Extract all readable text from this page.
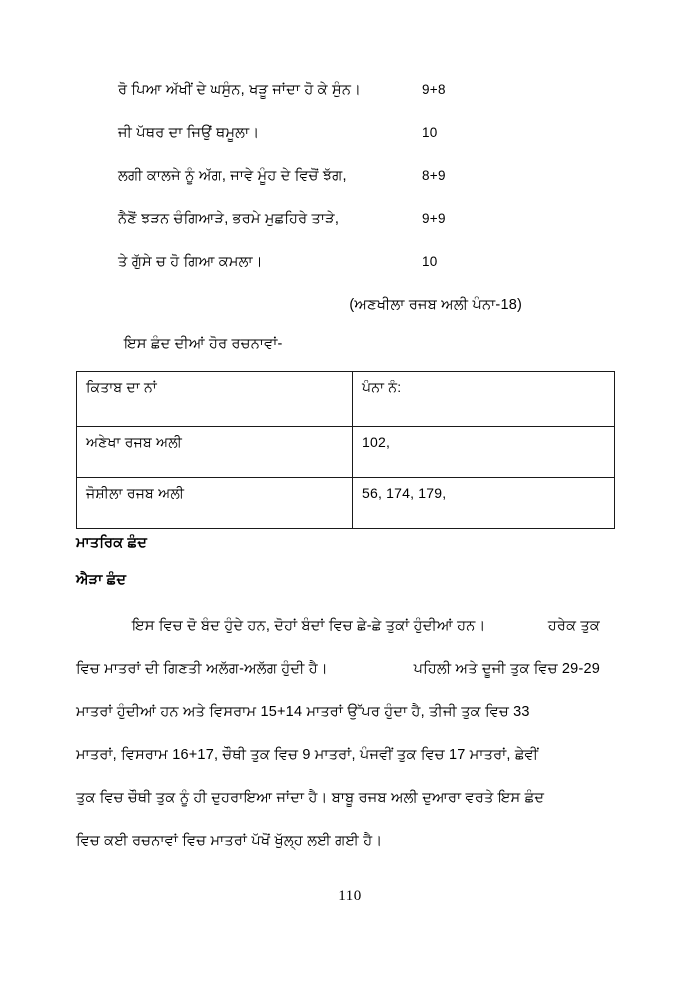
ਰੋ ਪਿਆ ਅੱਖੀਂ ਦੇ ਘਸੁੰਨ, ਖੜੂ ਜਾਂਦਾ ਹੋ ਕੇ ਸੁੰਨ।	9+8
ਜੀ ਪੱਥਰ ਦਾ ਜਿਉਂ ਥਮੂਲਾ।	10
ਲਗੀ ਕਾਲਜੇ ਨੂੰ ਅੱਗ, ਜਾਵੇ ਮੂੰਹ ਦੇ ਵਿਚੋਂ ਝੱਗ,	8+9
ਨੈਣੋਂ ਝੜਨ ਚੰਗਿਆੜੇ, ਭਰਮੇ ਮੁਛਹਿਰੇ ਤਾੜੇ,	9+9
ਤੇ ਗੁੱਸੇ ਚ ਹੋ ਗਿਆ ਕਮਲਾ।	10
(ਅਣਖੀਲਾ ਰਜਬ ਅਲੀ ਪੰਨਾ-18)
ਇਸ ਛੰਦ ਦੀਆਂ ਹੋਰ ਰਚਨਾਵਾਂ-
ਕਿਤਾਬ ਦਾ ਨਾਂ	ਪੰਨਾ ਨੰ:
ਅਣੇਖਾ ਰਜਬ ਅਲੀ	102,
ਜੋਸ਼ੀਲਾ ਰਜਬ ਅਲੀ	56, 174, 179,
ਮਾਤਰਿਕ ਛੰਦ
ਐੜਾ ਛੰਦ
ਇਸ ਵਿਚ ਦੋ ਬੰਦ ਹੁੰਦੇ ਹਨ, ਦੋਹਾਂ ਬੰਦਾਂ ਵਿਚ ਛੇ-ਛੇ ਤੁਕਾਂ ਹੁੰਦੀਆਂ ਹਨ।	ਹਰੇਕ ਤੁਕ
ਵਿਚ ਮਾਤਰਾਂ ਦੀ ਗਿਣਤੀ ਅਲੱਗ-ਅਲੱਗ ਹੁੰਦੀ ਹੈ।	ਪਹਿਲੀ ਅਤੇ ਦੂਜੀ ਤੁਕ ਵਿਚ 29-29
ਮਾਤਰਾਂ ਹੁੰਦੀਆਂ ਹਨ ਅਤੇ ਵਿਸਰਾਮ 15+14 ਮਾਤਰਾਂ ਉੱਪਰ ਹੁੰਦਾ ਹੈ, ਤੀਜੀ ਤੁਕ ਵਿਚ 33
ਮਾਤਰਾਂ, ਵਿਸਰਾਮ 16+17, ਚੌਥੀ ਤੁਕ ਵਿਚ 9 ਮਾਤਰਾਂ, ਪੰਜਵੀਂ ਤੁਕ ਵਿਚ 17 ਮਾਤਰਾਂ, ਛੇਵੀਂ
ਤੁਕ ਵਿਚ ਚੌਥੀ ਤੁਕ ਨੂੰ ਹੀ ਦੁਹਰਾਇਆ ਜਾਂਦਾ ਹੈ। ਬਾਬੂ ਰਜਬ ਅਲੀ ਦੁਆਰਾ ਵਰਤੇ ਇਸ ਛੰਦ
ਵਿਚ ਕਈ ਰਚਨਾਵਾਂ ਵਿਚ ਮਾਤਰਾਂ ਪੱਖੋਂ ਖੁੱਲ੍ਹ ਲਈ ਗਈ ਹੈ।
110
